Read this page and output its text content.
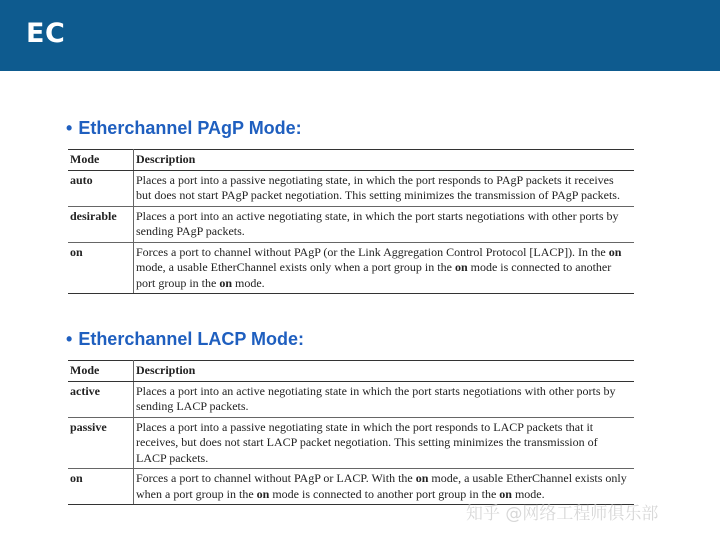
EC
• Etherchannel PAgP Mode:
Mode	Description
auto	Places a port into a passive negotiating state, in which the port responds to PAgP packets it receives but does not start PAgP packet negotiation. This setting minimizes the transmission of PAgP packets.
desirable	Places a port into an active negotiating state, in which the port starts negotiations with other ports by sending PAgP packets.
on	Forces a port to channel without PAgP (or the Link Aggregation Control Protocol [LACP]). In the on mode, a usable EtherChannel exists only when a port group in the on mode is connected to another port group in the on mode.
• Etherchannel LACP Mode:
Mode	Description
active	Places a port into an active negotiating state in which the port starts negotiations with other ports by sending LACP packets.
passive	Places a port into a passive negotiating state in which the port responds to LACP packets that it receives, but does not start LACP packet negotiation. This setting minimizes the transmission of LACP packets.
on	Forces a port to channel without PAgP or LACP. With the on mode, a usable EtherChannel exists only when a port group in the on mode is connected to another port group in the on mode.
知乎 @网络工程师俱乐部
